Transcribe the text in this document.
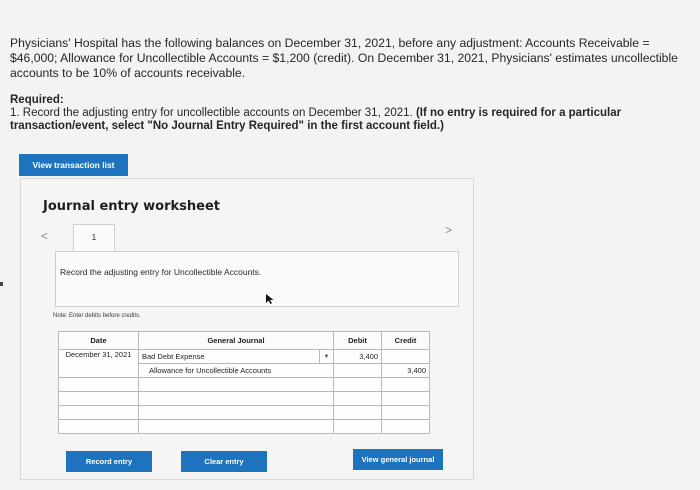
Physicians' Hospital has the following balances on December 31, 2021, before any adjustment: Accounts Receivable = $46,000; Allowance for Uncollectible Accounts = $1,200 (credit). On December 31, 2021, Physicians' estimates uncollectible accounts to be 10% of accounts receivable.
Required:
1. Record the adjusting entry for uncollectible accounts on December 31, 2021. (If no entry is required for a particular transaction/event, select "No Journal Entry Required" in the first account field.)
View transaction list
Journal entry worksheet
<	>
1
Record the adjusting entry for Uncollectible Accounts.
Note: Enter debits before credits.
Date	General Journal		Debit	Credit
December 31, 2021	Bad Debt Expense	▼	3,400	
	Allowance for Uncollectible Accounts			3,400

Record entry	Clear entry	View general journal
